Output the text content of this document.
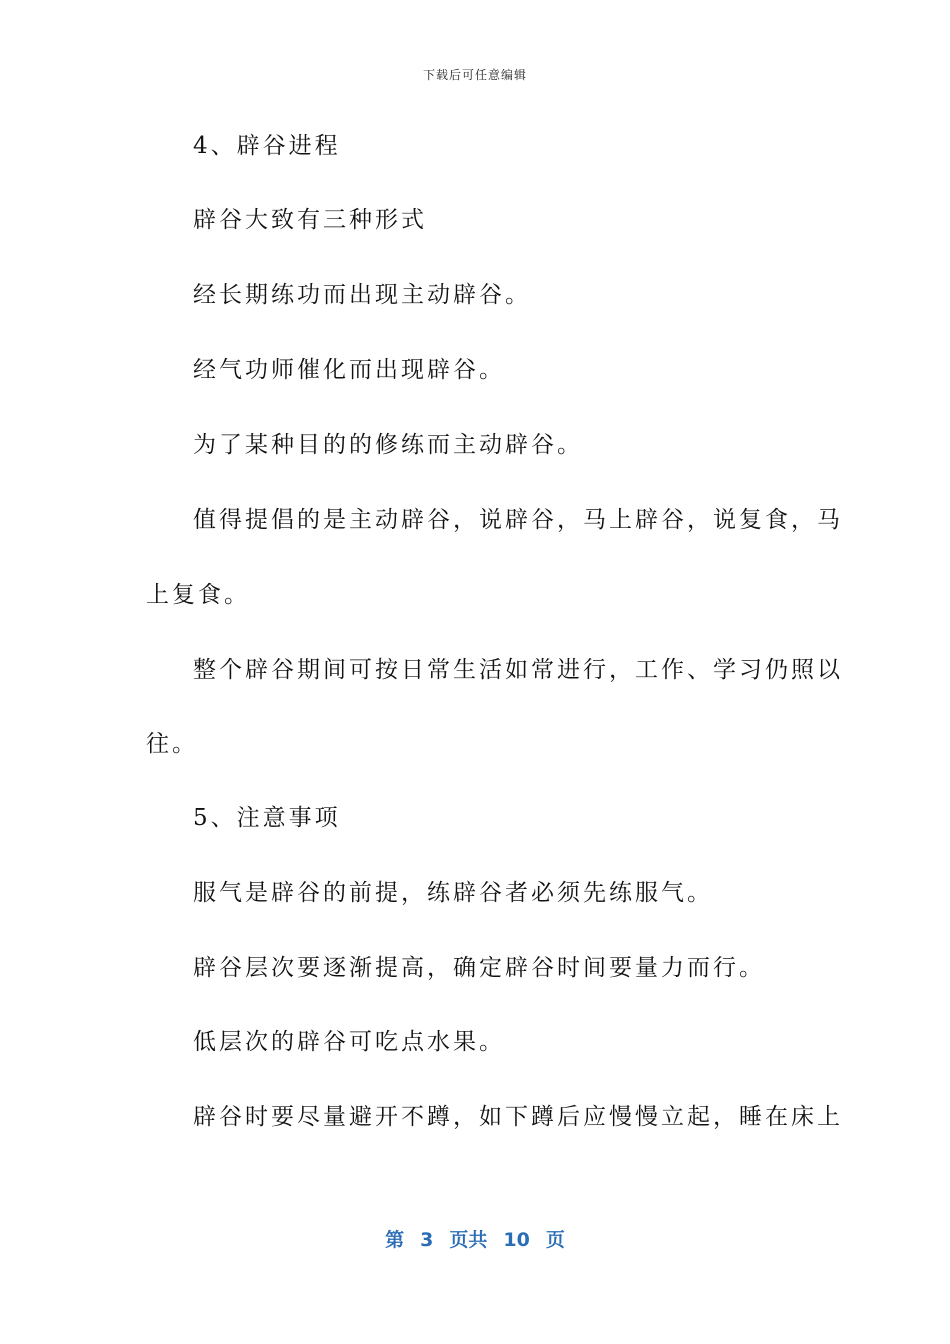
下载后可任意编辑
4、辟谷进程
辟谷大致有三种形式
经长期练功而出现主动辟谷。
经气功师催化而出现辟谷。
为了某种目的的修练而主动辟谷。
值得提倡的是主动辟谷，说辟谷，马上辟谷，说复食，马
上复食。
整个辟谷期间可按日常生活如常进行，工作、学习仍照以
往。
5、注意事项
服气是辟谷的前提，练辟谷者必须先练服气。
辟谷层次要逐渐提高，确定辟谷时间要量力而行。
低层次的辟谷可吃点水果。
辟谷时要尽量避开不蹲，如下蹲后应慢慢立起，睡在床上
第 3 页共 10 页
